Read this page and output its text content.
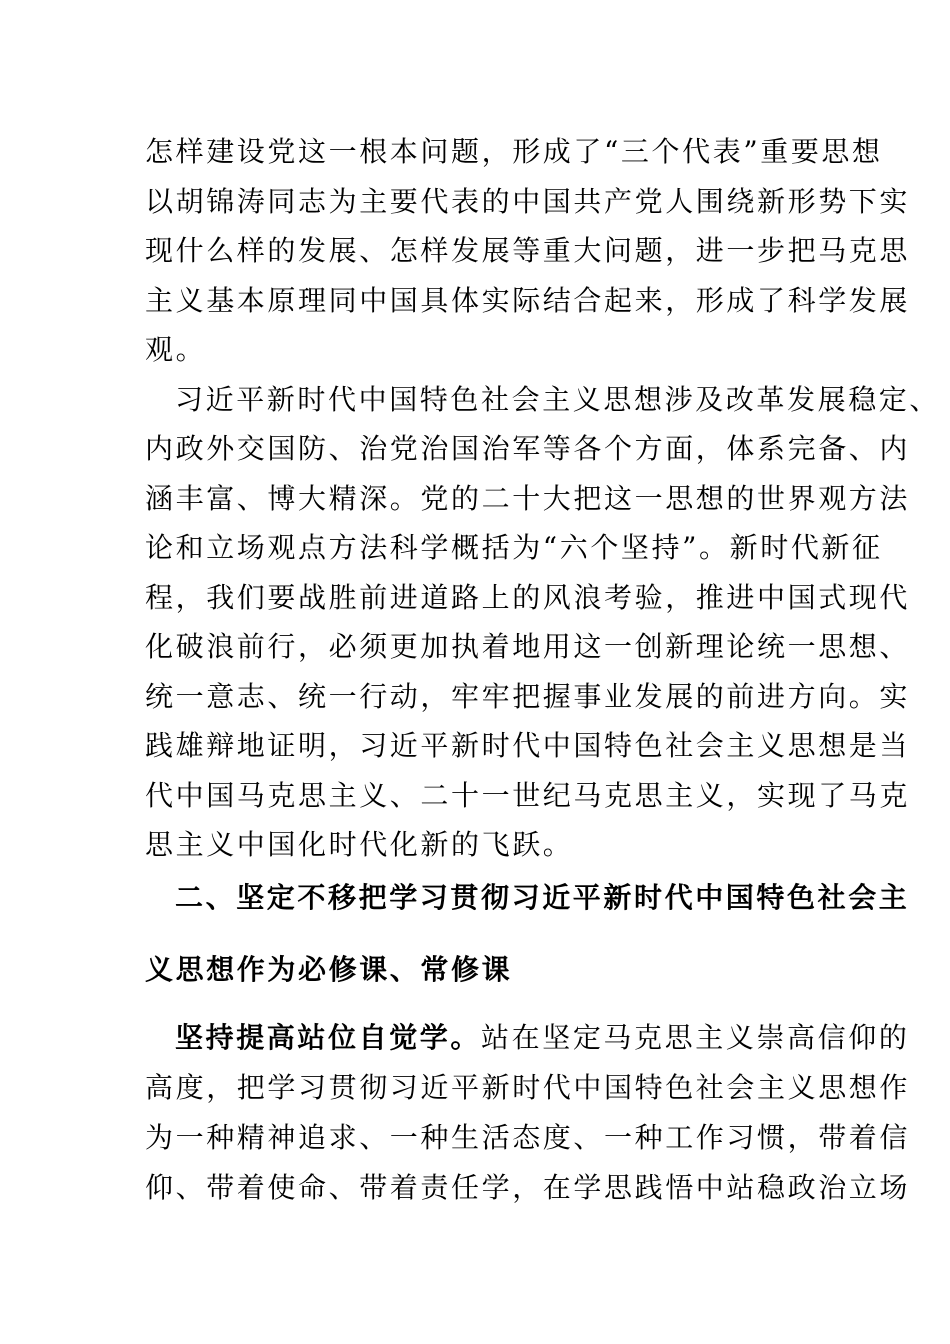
怎样建设党这一根本问题，形成了“三个代表”重要思想
以胡锦涛同志为主要代表的中国共产党人围绕新形势下实
现什么样的发展、怎样发展等重大问题，进一步把马克思
主义基本原理同中国具体实际结合起来，形成了科学发展
观。
习近平新时代中国特色社会主义思想涉及改革发展稳定、
内政外交国防、治党治国治军等各个方面，体系完备、内
涵丰富、博大精深。党的二十大把这一思想的世界观方法
论和立场观点方法科学概括为“六个坚持”。新时代新征
程，我们要战胜前进道路上的风浪考验，推进中国式现代
化破浪前行，必须更加执着地用这一创新理论统一思想、
统一意志、统一行动，牢牢把握事业发展的前进方向。实
践雄辩地证明，习近平新时代中国特色社会主义思想是当
代中国马克思主义、二十一世纪马克思主义，实现了马克
思主义中国化时代化新的飞跃。
二、坚定不移把学习贯彻习近平新时代中国特色社会主
义思想作为必修课、常修课
坚持提高站位自觉学。站在坚定马克思主义崇高信仰的
高度，把学习贯彻习近平新时代中国特色社会主义思想作
为一种精神追求、一种生活态度、一种工作习惯，带着信
仰、带着使命、带着责任学，在学思践悟中站稳政治立场
